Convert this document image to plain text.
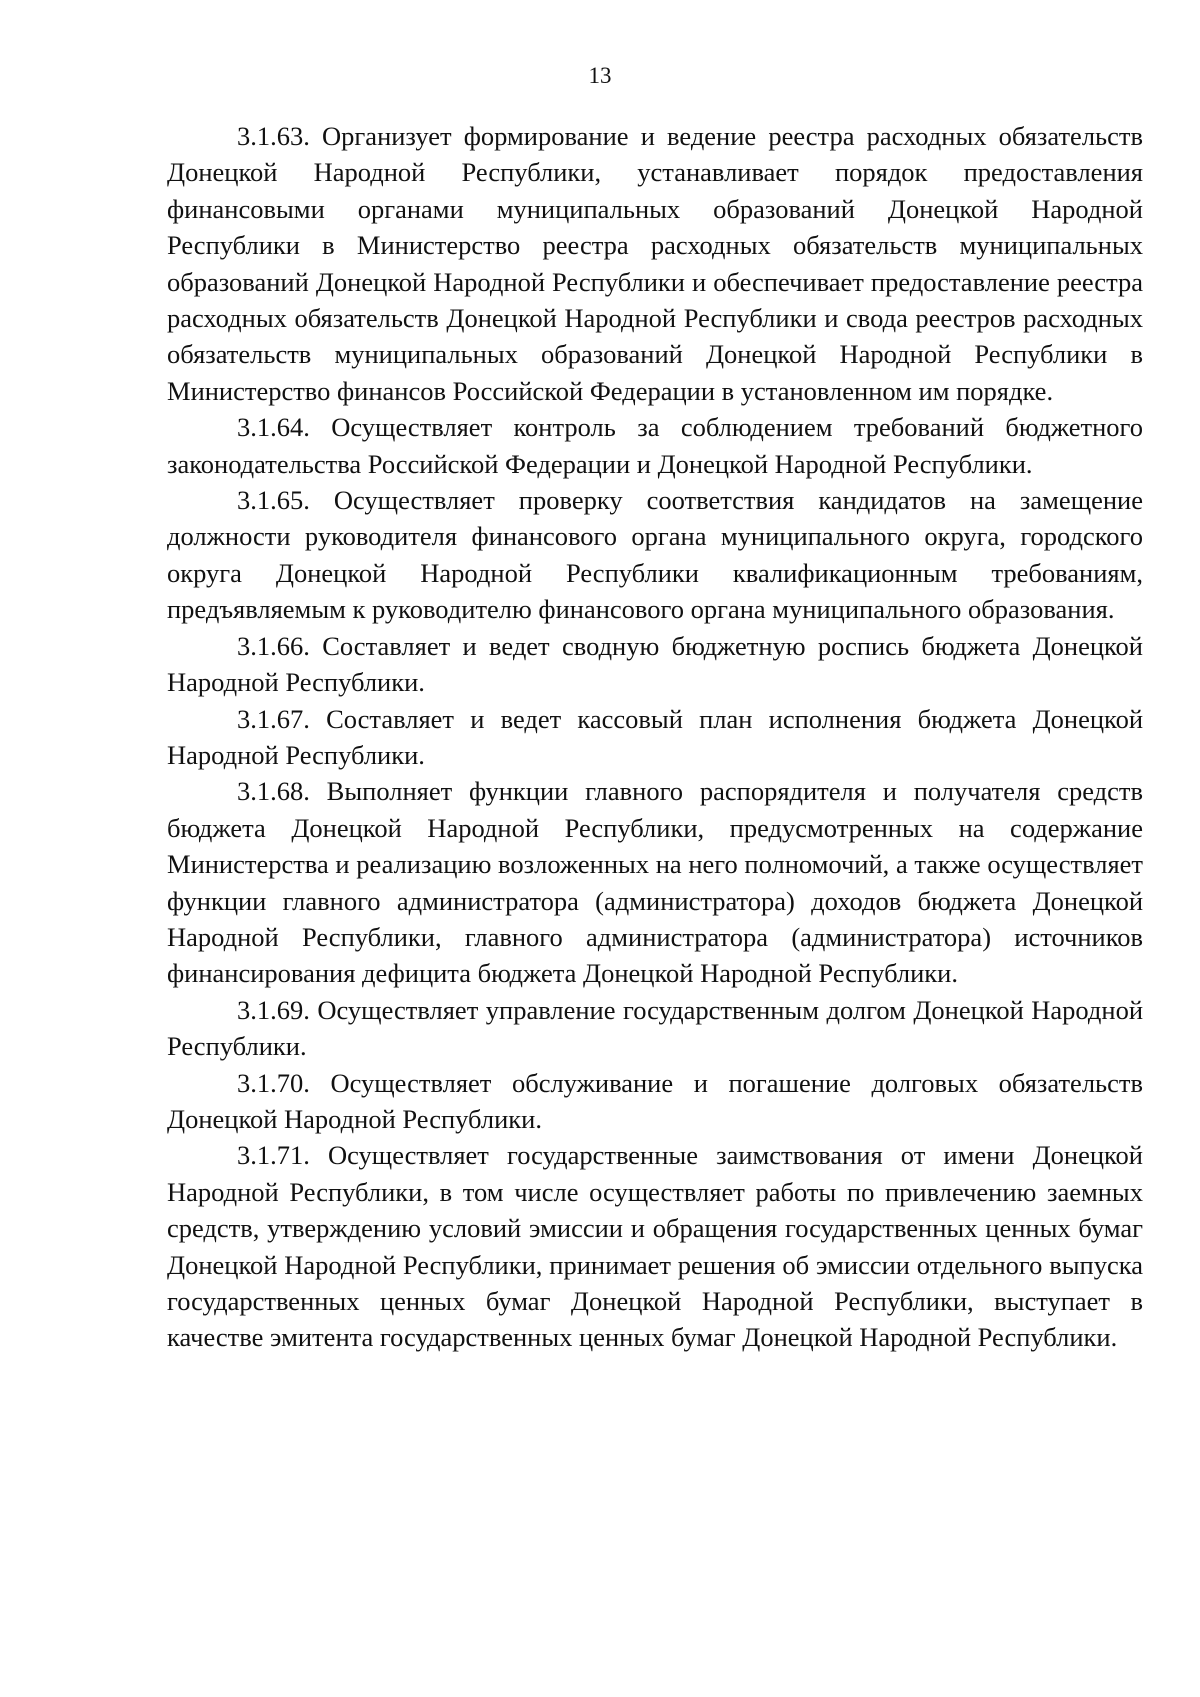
13

3.1.63. Организует формирование и ведение реестра расходных обязательств Донецкой Народной Республики, устанавливает порядок предоставления финансовыми органами муниципальных образований Донецкой Народной Республики в Министерство реестра расходных обязательств муниципальных образований Донецкой Народной Республики и обеспечивает предоставление реестра расходных обязательств Донецкой Народной Республики и свода реестров расходных обязательств муниципальных образований Донецкой Народной Республики в Министерство финансов Российской Федерации в установленном им порядке.

3.1.64. Осуществляет контроль за соблюдением требований бюджетного законодательства Российской Федерации и Донецкой Народной Республики.

3.1.65. Осуществляет проверку соответствия кандидатов на замещение должности руководителя финансового органа муниципального округа, городского округа Донецкой Народной Республики квалификационным требованиям, предъявляемым к руководителю финансового органа муниципального образования.

3.1.66. Составляет и ведет сводную бюджетную роспись бюджета Донецкой Народной Республики.

3.1.67. Составляет и ведет кассовый план исполнения бюджета Донецкой Народной Республики.

3.1.68. Выполняет функции главного распорядителя и получателя средств бюджета Донецкой Народной Республики, предусмотренных на содержание Министерства и реализацию возложенных на него полномочий, а также осуществляет функции главного администратора (администратора) доходов бюджета Донецкой Народной Республики, главного администратора (администратора) источников финансирования дефицита бюджета Донецкой Народной Республики.

3.1.69. Осуществляет управление государственным долгом Донецкой Народной Республики.

3.1.70. Осуществляет обслуживание и погашение долговых обязательств Донецкой Народной Республики.

3.1.71. Осуществляет государственные заимствования от имени Донецкой Народной Республики, в том числе осуществляет работы по привлечению заемных средств, утверждению условий эмиссии и обращения государственных ценных бумаг Донецкой Народной Республики, принимает решения об эмиссии отдельного выпуска государственных ценных бумаг Донецкой Народной Республики, выступает в качестве эмитента государственных ценных бумаг Донецкой Народной Республики.
